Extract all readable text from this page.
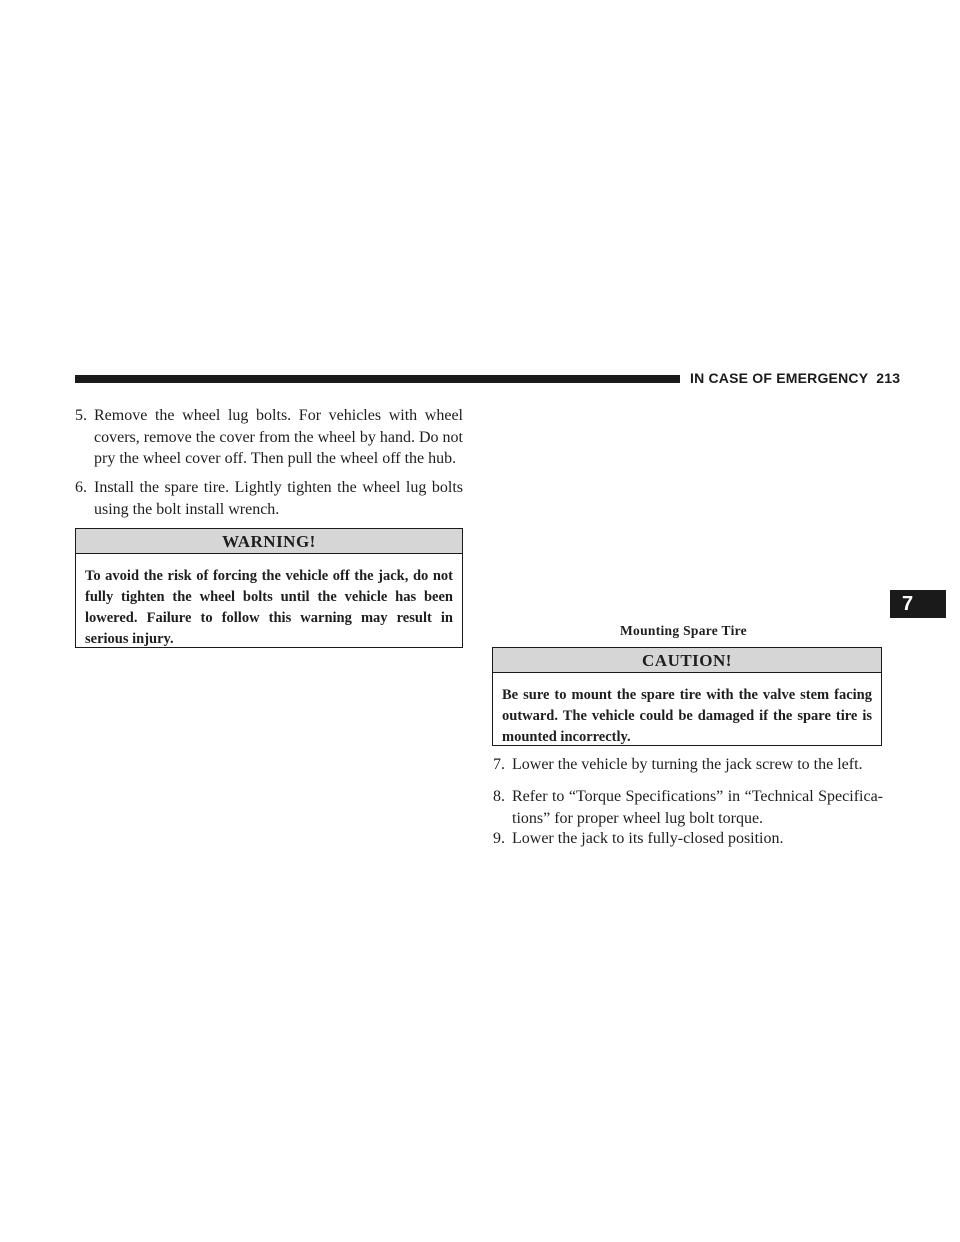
IN CASE OF EMERGENCY 213
7
5. Remove the wheel lug bolts. For vehicles with wheel covers, remove the cover from the wheel by hand. Do not pry the wheel cover off. Then pull the wheel off the hub.
6. Install the spare tire. Lightly tighten the wheel lug bolts using the bolt install wrench.
WARNING!
To avoid the risk of forcing the vehicle off the jack, do not fully tighten the wheel bolts until the vehicle has been lowered. Failure to follow this warning may result in serious injury.
Mounting Spare Tire
CAUTION!
Be sure to mount the spare tire with the valve stem facing outward. The vehicle could be damaged if the spare tire is mounted incorrectly.
7. Lower the vehicle by turning the jack screw to the left.
8. Refer to “Torque Specifications” in “Technical Specifica-tions” for proper wheel lug bolt torque.
9. Lower the jack to its fully-closed position.
